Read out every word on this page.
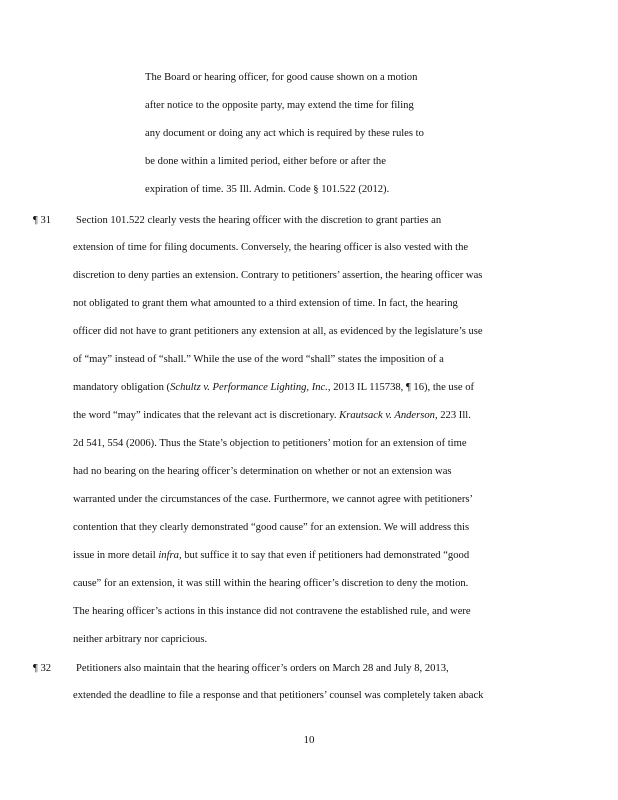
The Board or hearing officer, for good cause shown on a motion
after notice to the opposite party, may extend the time for filing
any document or doing any act which is required by these rules to
be done within a limited period, either before or after the
expiration of time. 35 Ill. Admin. Code § 101.522 (2012).
¶ 31 Section 101.522 clearly vests the hearing officer with the discretion to grant parties an
extension of time for filing documents. Conversely, the hearing officer is also vested with the
discretion to deny parties an extension. Contrary to petitioners’ assertion, the hearing officer was
not obligated to grant them what amounted to a third extension of time. In fact, the hearing
officer did not have to grant petitioners any extension at all, as evidenced by the legislature’s use
of “may” instead of “shall.” While the use of the word “shall” states the imposition of a
mandatory obligation (Schultz v. Performance Lighting, Inc., 2013 IL 115738, ¶ 16), the use of
the word “may” indicates that the relevant act is discretionary. Krautsack v. Anderson, 223 Ill.
2d 541, 554 (2006). Thus the State’s objection to petitioners’ motion for an extension of time
had no bearing on the hearing officer’s determination on whether or not an extension was
warranted under the circumstances of the case. Furthermore, we cannot agree with petitioners’
contention that they clearly demonstrated “good cause” for an extension. We will address this
issue in more detail infra, but suffice it to say that even if petitioners had demonstrated “good
cause” for an extension, it was still within the hearing officer’s discretion to deny the motion.
The hearing officer’s actions in this instance did not contravene the established rule, and were
neither arbitrary nor capricious.
¶ 32 Petitioners also maintain that the hearing officer’s orders on March 28 and July 8, 2013,
extended the deadline to file a response and that petitioners’ counsel was completely taken aback
10
